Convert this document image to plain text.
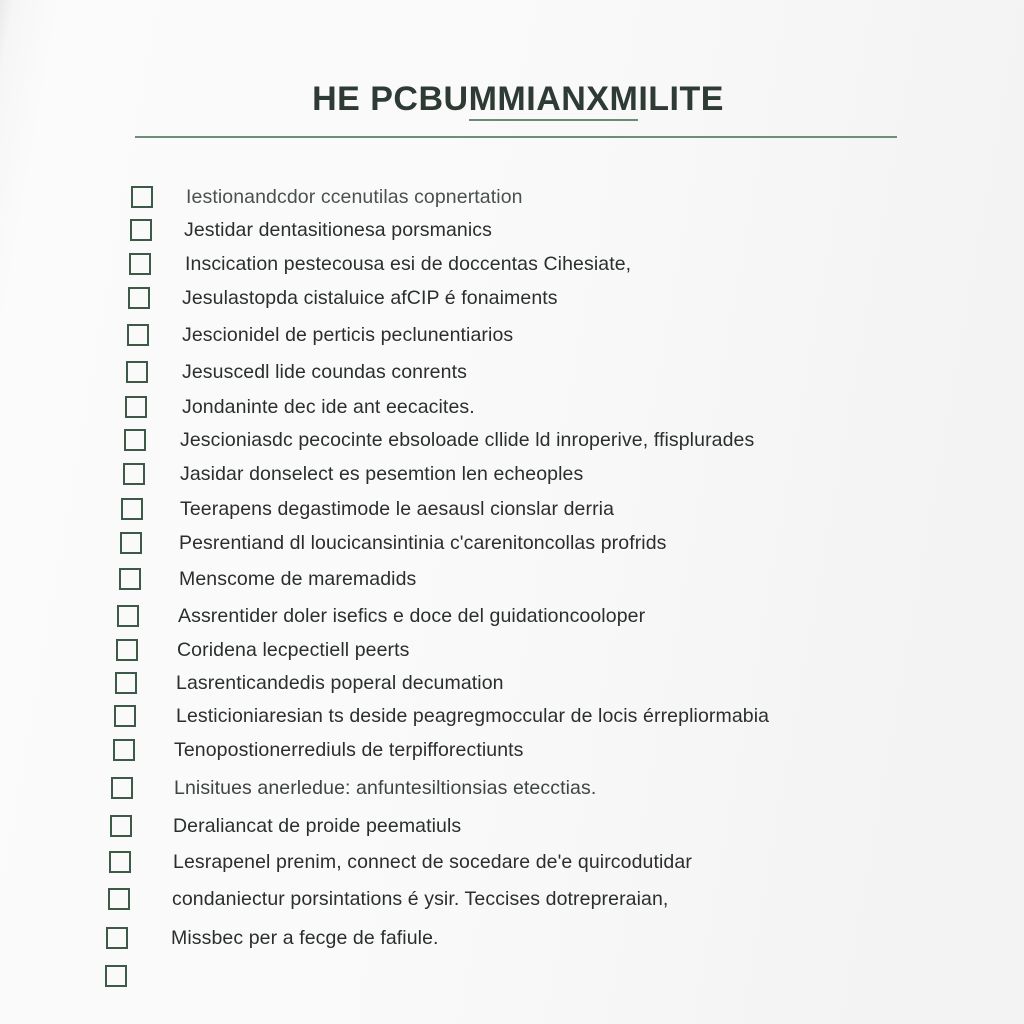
HE PCBUMMIANXMILITE
Iestionandcdor ccenutilas copnertation
Jestidar dentasitionesa porsmanics
Inscication pestecousa esi de doccentas Cihesiate,
Jesulastopda cistaluice afCIP é fonaiments
Jescionidel de perticis peclunentiarios
Jesuscedl lide coundas conrents
Jondaninte dec ide ant eecacites.
Jescioniasdc pecocinte ebsoloade cllide ld inroperive, ffisplurades
Jasidar donselect es pesemtion len echeoples
Teerapens degastimode le aesausl cionslar derria
Pesrentiand dl loucicansintinia c'carenitoncollas profrids
Menscome de maremadids
Assrentider doler isefics e doce del guidationcooloper
Coridena lecpectiell peerts
Lasrenticandedis poperal decumation
Lesticioniaresian ts deside peagregmoccular de locis érrepliormabia
Tenopostionerrediuls de terpifforectiunts
Lnisitues anerledue: anfuntesiltionsias etecctias.
Deraliancat de proide peematiuls
Lesrapenel prenim, connect de socedare de'e quircodutidar
condaniectur porsintations é ysir. Teccises dotrepreraian,
Missbec per a fecge de fafiule.
